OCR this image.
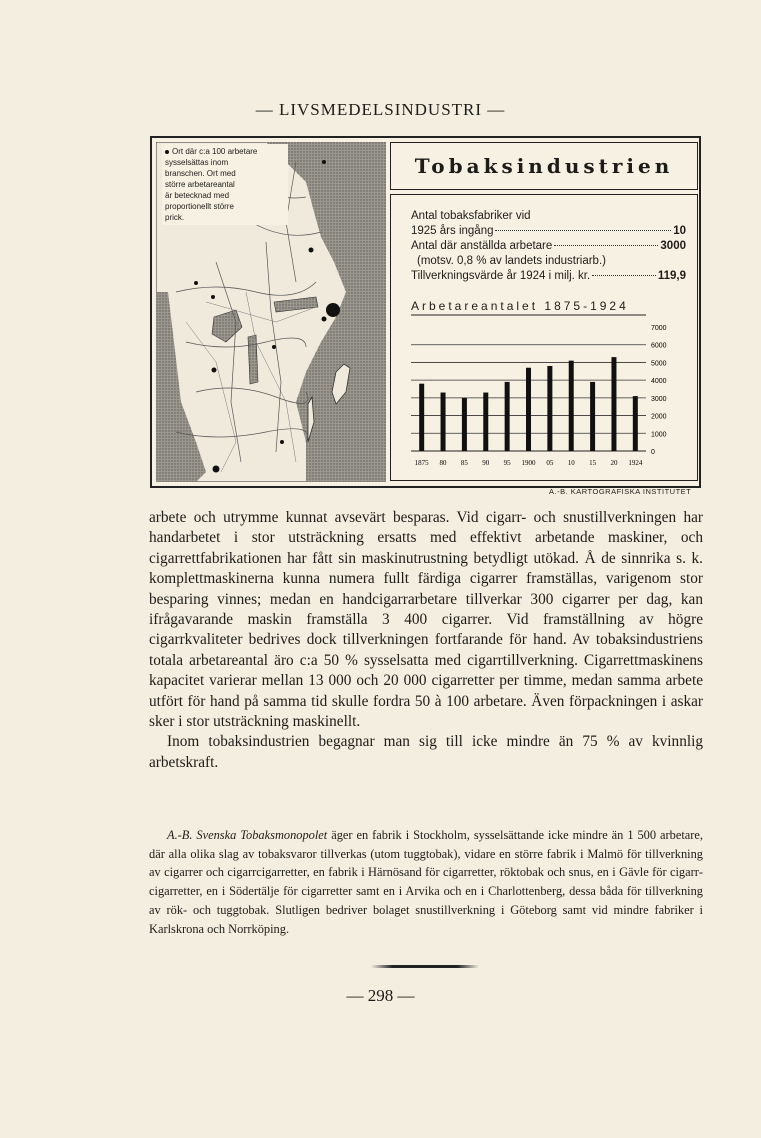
— LIVSMEDELSINDUSTRI —
Ort där c:a 100 arbetare
sysselsättas inom
branschen. Ort med
större arbetareantal
är betecknad med
proportionellt större
prick.
Tobaksindustrien
Antal tobaksfabriker vid
1925 års ingång	10
Antal där anställda arbetare	3000
(motsv. 0,8 % av landets industriarb.)
Tillverkningsvärde år 1924 i milj. kr.	119,9
Arbetareantalet 1875-1924
7000
6000
5000
4000
3000
2000
1000
0
1875 80 85 90 95 1900 05 10 15 20 1924
A.-B. KARTOGRAFISKA INSTITUTET

arbete och utrymme kunnat avsevärt besparas. Vid cigarr- och snustillverkningen har handarbetet i stor utsträckning ersatts med effektivt arbetande maskiner, och cigarrettfabrikationen har fått sin maskinutrustning betydligt utökad. Å de sinnrika s. k. komplettmaskinerna kunna numera fullt färdiga cigarrer framställas, varigenom stor besparing vinnes; medan en handcigarrarbetare tillverkar 300 cigarrer per dag, kan ifrågavarande maskin framställa 3 400 cigarrer. Vid framställning av högre cigarrkvaliteter bedrives dock tillverkningen fortfarande för hand. Av tobaksindustriens totala arbetareantal äro c:a 50 % sysselsatta med cigarrtillverkning. Cigarrettmaskinens kapacitet varierar mellan 13 000 och 20 000 cigarretter per timme, medan samma arbete utfört för hand på samma tid skulle fordra 50 à 100 arbetare. Även förpackningen i askar sker i stor utsträckning maskinellt.

Inom tobaksindustrien begagnar man sig till icke mindre än 75 % av kvinnlig arbetskraft.

A.-B. Svenska Tobaksmonopolet äger en fabrik i Stockholm, sysselsättande icke mindre än 1 500 arbetare, där alla olika slag av tobaksvaror tillverkas (utom tuggtobak), vidare en större fabrik i Malmö för tillverkning av cigarrer och cigarrcigarretter, en fabrik i Härnösand för cigarretter, röktobak och snus, en i Gävle för cigarrcigarretter, en i Södertälje för cigarretter samt en i Arvika och en i Charlottenberg, dessa båda för tillverkning av rök- och tuggtobak. Slutligen bedriver bolaget snustillverkning i Göteborg samt vid mindre fabriker i Karlskrona och Norrköping.
— 298 —
